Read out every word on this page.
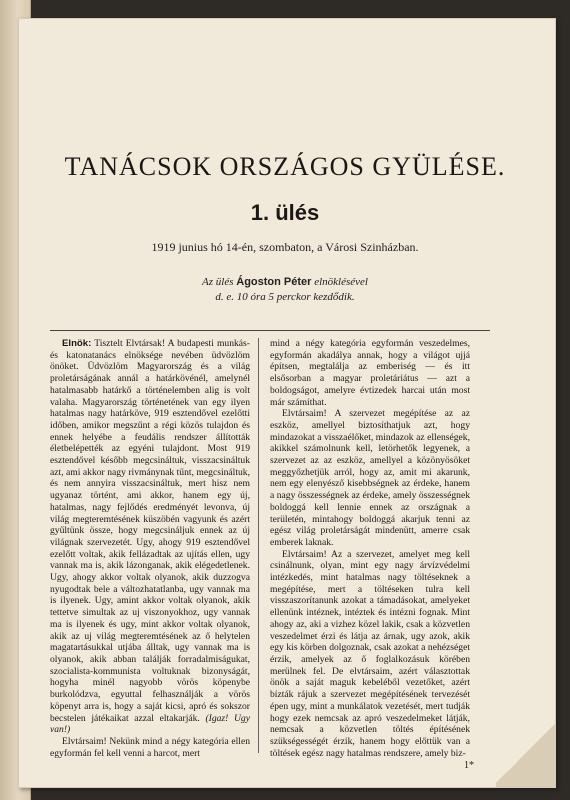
TANÁCSOK ORSZÁGOS GYÜLÉSE.
1. ülés
1919 junius hó 14-én, szombaton, a Városi Szinházban.
Az ülés Ágoston Péter elnöklésével
d. e. 10 óra 5 perckor kezdődik.

Elnök: Tisztelt Elvtársak! A budapesti munkás- és katonatanács elnöksége nevében üdvözlöm önöket. Üdvözlöm Magyarország és a világ proletárságának annál a határkövénél, amelynél hatalmasabb határkő a történelemben alig is volt valaha. Magyarország történetének van egy ilyen hatalmas nagy határköve, 919 esztendővel ezelőtti időben, amikor megszűnt a régi közös tulajdon és ennek helyébe a feudális rendszer állították életbelépették az egyéni tulajdont. Most 919 esztendővel később megcsináltuk, visszacsináltuk azt, ami akkor nagy rivmánynak tűnt, megcsináltuk, és nem annyira visszacsináltuk, mert hisz nem ugyanaz történt, ami akkor, hanem egy új, hatalmas, nagy fejlődés eredményét levonva, új világ megteremtésének küszöbén vagyunk és azért gyűltünk össze, hogy megcsináljuk ennek az új világnak szervezetét. Ugy, ahogy 919 esztendővel ezelőtt voltak, akik fellázadtak az ujítás ellen, ugy vannak ma is, akik lázonganak, akik elégedetlenek. Ugy, ahogy akkor voltak olyanok, akik duzzogva nyugodtak bele a változhatatlanba, ugy vannak ma is ilyenek. Ugy, amint akkor voltak olyanok, akik tettetve simultak az uj viszonyokhoz, ugy vannak ma is ilyenek és ugy, mint akkor voltak olyanok, akik az uj világ megteremtésének az ő helytelen magatartásukkal utjába álltak, ugy vannak ma is olyanok, akik abban találják forradalmiságukat, szocialista-kommunista voltuknak bizonyságát, hogyha minél nagyobb vörös köpenybe burkolódzva, egyuttal felhasználják a vörös köpenyt arra is, hogy a saját kicsi, apró és sokszor becstelen játékaikat azzal eltakarják. (Igaz! Ugy van!)

Elvtársaim! Nekünk mind a négy kategória ellen egyformán fel kell venni a harcot, mert

mind a négy kategória egyformán veszedelmes, egyformán akadálya annak, hogy a világot ujjá építsen, megtalálja az emberiség — és itt elsősorban a magyar proletáriátus — azt a boldogságot, amelyre évtizedek harcai után most már számíthat.

Elvtársaim! A szervezet megépítése az az eszköz, amellyel biztosíthatjuk azt, hogy mindazokat a visszaélőket, mindazok az ellenségek, akikkel számolnunk kell, letörhetők legyenek, a szervezet az az eszköz, amellyel a közönyösöket meggyőzhetjük arról, hogy az, amit mi akarunk, nem egy elenyésző kisebbségnek az érdeke, hanem a nagy összességnek az érdeke, amely összességnek boldoggá kell lennie ennek az országnak a területén, mintahogy boldoggá akarjuk tenni az egész világ proletárságát mindenütt, amerre csak emberek laknak.

Elvtársaim! Az a szervezet, amelyet meg kell csinálnunk, olyan, mint egy nagy árvízvédelmi intézkedés, mint hatalmas nagy töltéseknek a megépítése, mert a töltéseken tulra kell visszaszorítanunk azokat a támadásokat, amelyeket ellenünk intéznek, intéztek és intézni fognak. Mint ahogy az, aki a vizhez közel lakik, csak a közvetlen veszedelmet érzi és látja az árnak, ugy azok, akik egy kis körben dolgoznak, csak azokat a nehézséget érzik, amelyek az ő foglalkozásuk körében merülnek fel. De elvtársaim, azért választottak önök a saját maguk kebeléből vezetőket, azért bízták rájuk a szervezet megépítésének tervezését épen ugy, mint a munkálatok vezetését, mert tudják hogy ezek nemcsak az apró veszedelmeket látják, nemcsak a közvetlen töltés építésének szükségességét érzik, hanem hogy előttük van a töltések egész nagy hatalmas rendszere, amely biz-

1*
